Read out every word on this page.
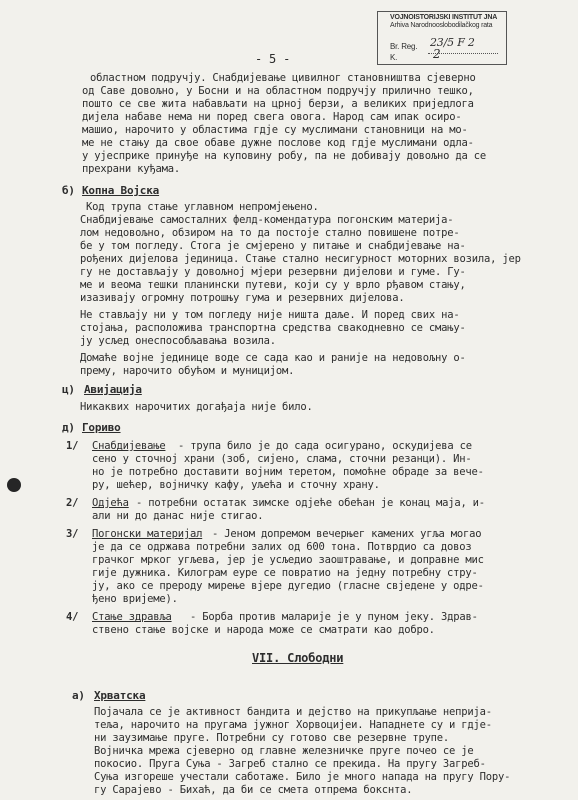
VOJNOISTORIJSKI INSTITUT JNA
Arhiva Narodnooslobodilačkog rata
Br. Reg. 23/5 F 2
K.	2
- 5 -
областном подручју. Снабдијевање цивилног становништва сјеверно
од Саве довољно, у Босни и на областном подручју прилично тешко,
пошто се све жита набављати на црној берзи, а великих приједлога
дијела набаве нема ни поред свега овога. Народ сам ипак осиро-
машио, нарочито у областима гдје су муслимани становници на мо-
ме не стању да свое обаве дужне послове код гдје муслимани одла-
у ујесприке принуђе на куповину робу, па не добивају довољно да се
прехрани куђама.
б) Копна Војска
Код трупа стање углавном непромјењено.
Снабдијевање самосталних фелд-комендатура погонским материја-
лом недовољно, обзиром на то да постоје стално повишене потре-
бе у том погледу. Стога је смјерено у питање и снабдијевање на-
рођених дијелова јединица. Стање стално несигурност моторних возила, јер
гу не достављају у довољној мјери резервни дијелови и гуме. Гу-
ме и веома тешки планински путеви, који су у врло рђавом стању,
изазивају огромну потрошњу гума и резервних дијелова.
Не стављају ни у том погледу није ништа даље. И поред свих на-
стојања, расположива транспортна средства свакодневно се смању-
ју усљед онеспособљавања возила.
Домаће војне јединице воде се сада као и раније на недовољну о-
прему, нарочито обућом и муницијом.
ц) Авијација
Никаквих нарочитих догађаја није било.
д) Гориво
1/ Снабдијевање - трупа било је до сада осигурано, оскудијева се
сено у сточној храни (зоб, сијено, слама, сточни резанци). Ин-
но је потребно доставити војним теретом, помоћне обраде за вече-
ру, шећер, војничку кафу, уљећа и сточну храну.
2/ Одјећа - потребни остатак зимске одјеће обећан је конац маја, и-
али ни до данас није стигао.
3/ Погонски материјал - Јеном допремом вечерњег камених угља могао
је да се одржава потребни залих од 600 тона. Потврдио са довоз
грачког мрког угљева, јер је усљедио заоштравање, и доправне мис
гије дужника. Килограм еуре се повратио на једну потребну стру-
ју, ако се прероду мирење вјере дугедио (гласне свједене у одре-
ђено вријеме).
4/ Стање здравља - Борба против маларије је у пуном јеку. Здрав-
ствено стање војске и народа може се сматрати као добро.
VII. Слободни
а) Хрватска
Појачала се је активност бандита и дејство на прикупљање неприја-
теља, нарочито на пругама јужног Хорвоцијеи. Нападнете су и гдје-
ни заузимање пруге. Потребни су готово све резервне трупе.
Војничка мрежа сјеверно од главне железничке пруге почео се је
покосио. Пруга Суња - Загреб стално се прекида. На пругу Загреб-
Суња изгореше учестали саботаже. Било је много напада на пругу Пору-
гу Сарајево - Бихаћ, да би се смета отпрема бокснта.
